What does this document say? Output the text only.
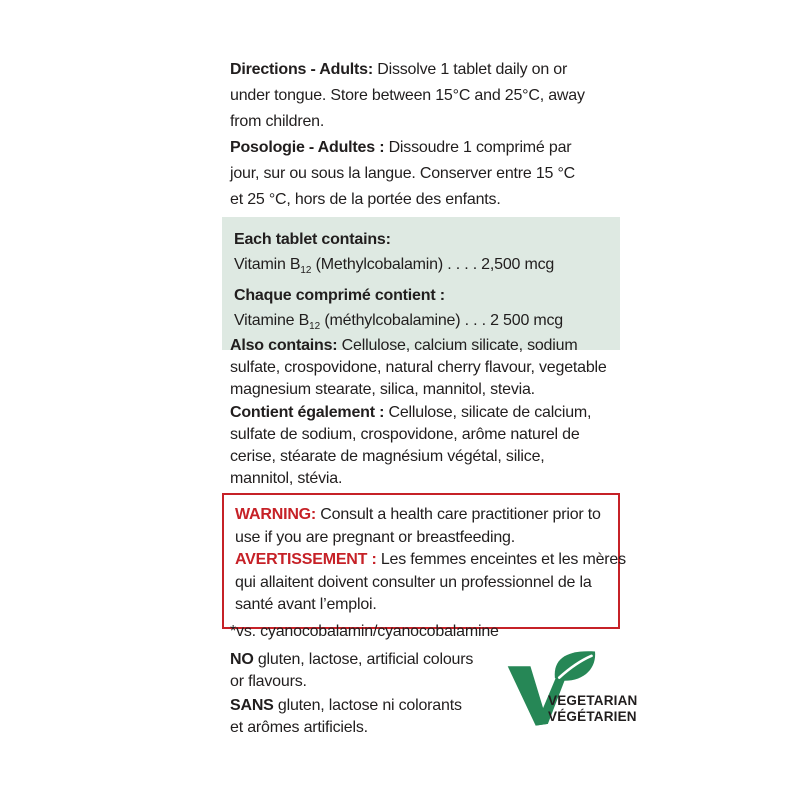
Directions - Adults: Dissolve 1 tablet daily on or
under tongue. Store between 15°C and 25°C, away
from children.
Posologie - Adultes : Dissoudre 1 comprimé par
jour, sur ou sous la langue. Conserver entre 15 °C
et 25 °C, hors de la portée des enfants.
Each tablet contains:
Vitamin $B_{12}$ (Methylcobalamin) . . . . 2,500 mcg
Chaque comprimé contient :
Vitamine $B_{12}$ (méthylcobalamine) . . . 2 500 mcg
Also contains: Cellulose, calcium silicate, sodium
sulfate, crospovidone, natural cherry flavour, vegetable
magnesium stearate, silica, mannitol, stevia.
Contient également : Cellulose, silicate de calcium,
sulfate de sodium, crospovidone, arôme naturel de
cerise, stéarate de magnésium végétal, silice,
mannitol, stévia.
WARNING: Consult a health care practitioner prior to
use if you are pregnant or breastfeeding.
AVERTISSEMENT : Les femmes enceintes et les mères
qui allaitent doivent consulter un professionnel de la
santé avant l’emploi.
*vs. cyanocobalamin/cyanocobalamine
NO gluten, lactose, artificial colours
or flavours.
SANS gluten, lactose ni colorants
et arômes artificiels.
VEGETARIAN
VÉGÉTARIEN
